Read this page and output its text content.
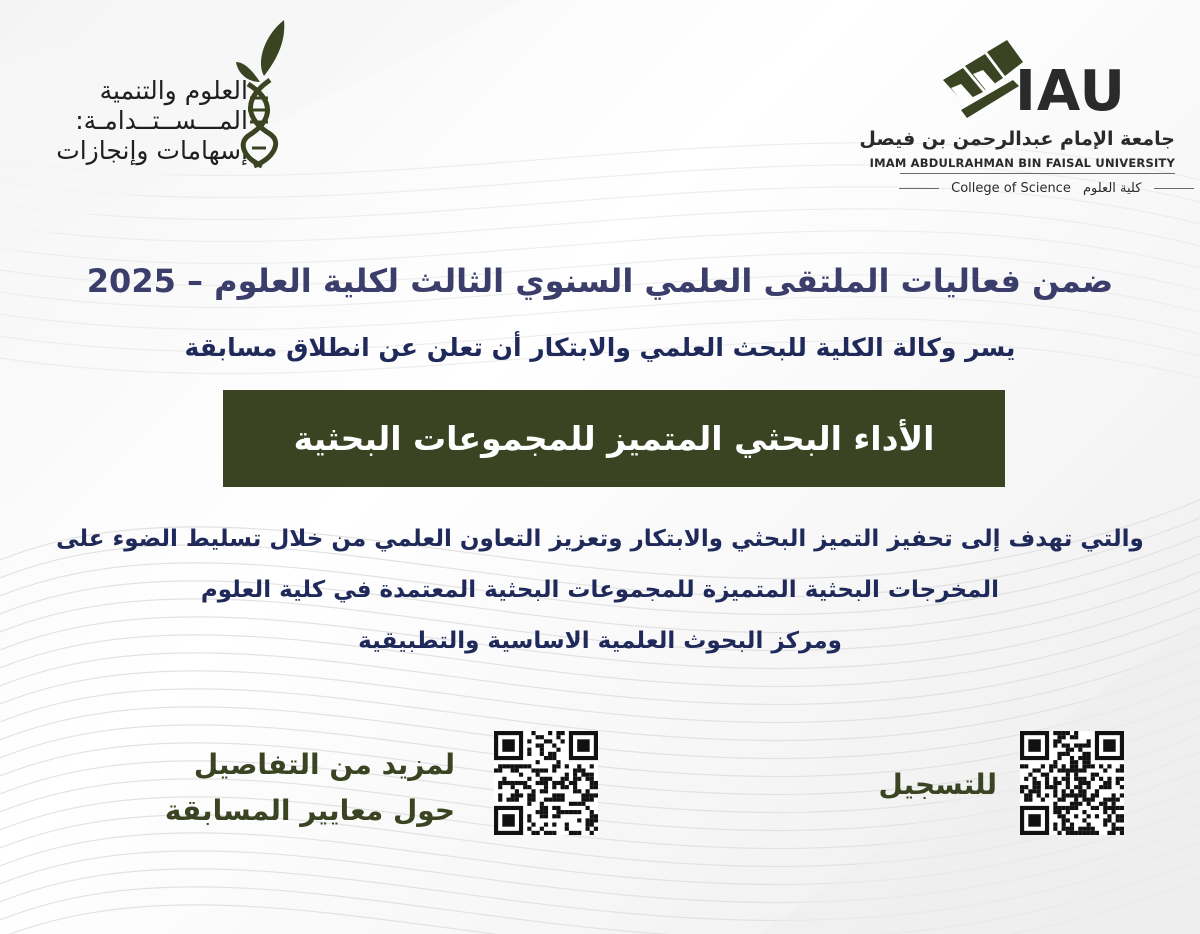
العلوم والتنمية
المـــســتــدامـة:
إسهامات وإنجازات
IAU
جامعة الإمام عبدالرحمن بن فيصل
IMAM ABDULRAHMAN BIN FAISAL UNIVERSITY
College of Science كلية العلوم
ضمن فعاليات الملتقى العلمي السنوي الثالث لكلية العلوم – 2025
يسر وكالة الكلية للبحث العلمي والابتكار أن تعلن عن انطلاق مسابقة
الأداء البحثي المتميز للمجموعات البحثية
والتي تهدف إلى تحفيز التميز البحثي والابتكار وتعزيز التعاون العلمي من خلال تسليط الضوء على
المخرجات البحثية المتميزة للمجموعات البحثية المعتمدة في كلية العلوم
ومركز البحوث العلمية الاساسية والتطبيقية
لمزيد من التفاصيل
حول معايير المسابقة
للتسجيل
